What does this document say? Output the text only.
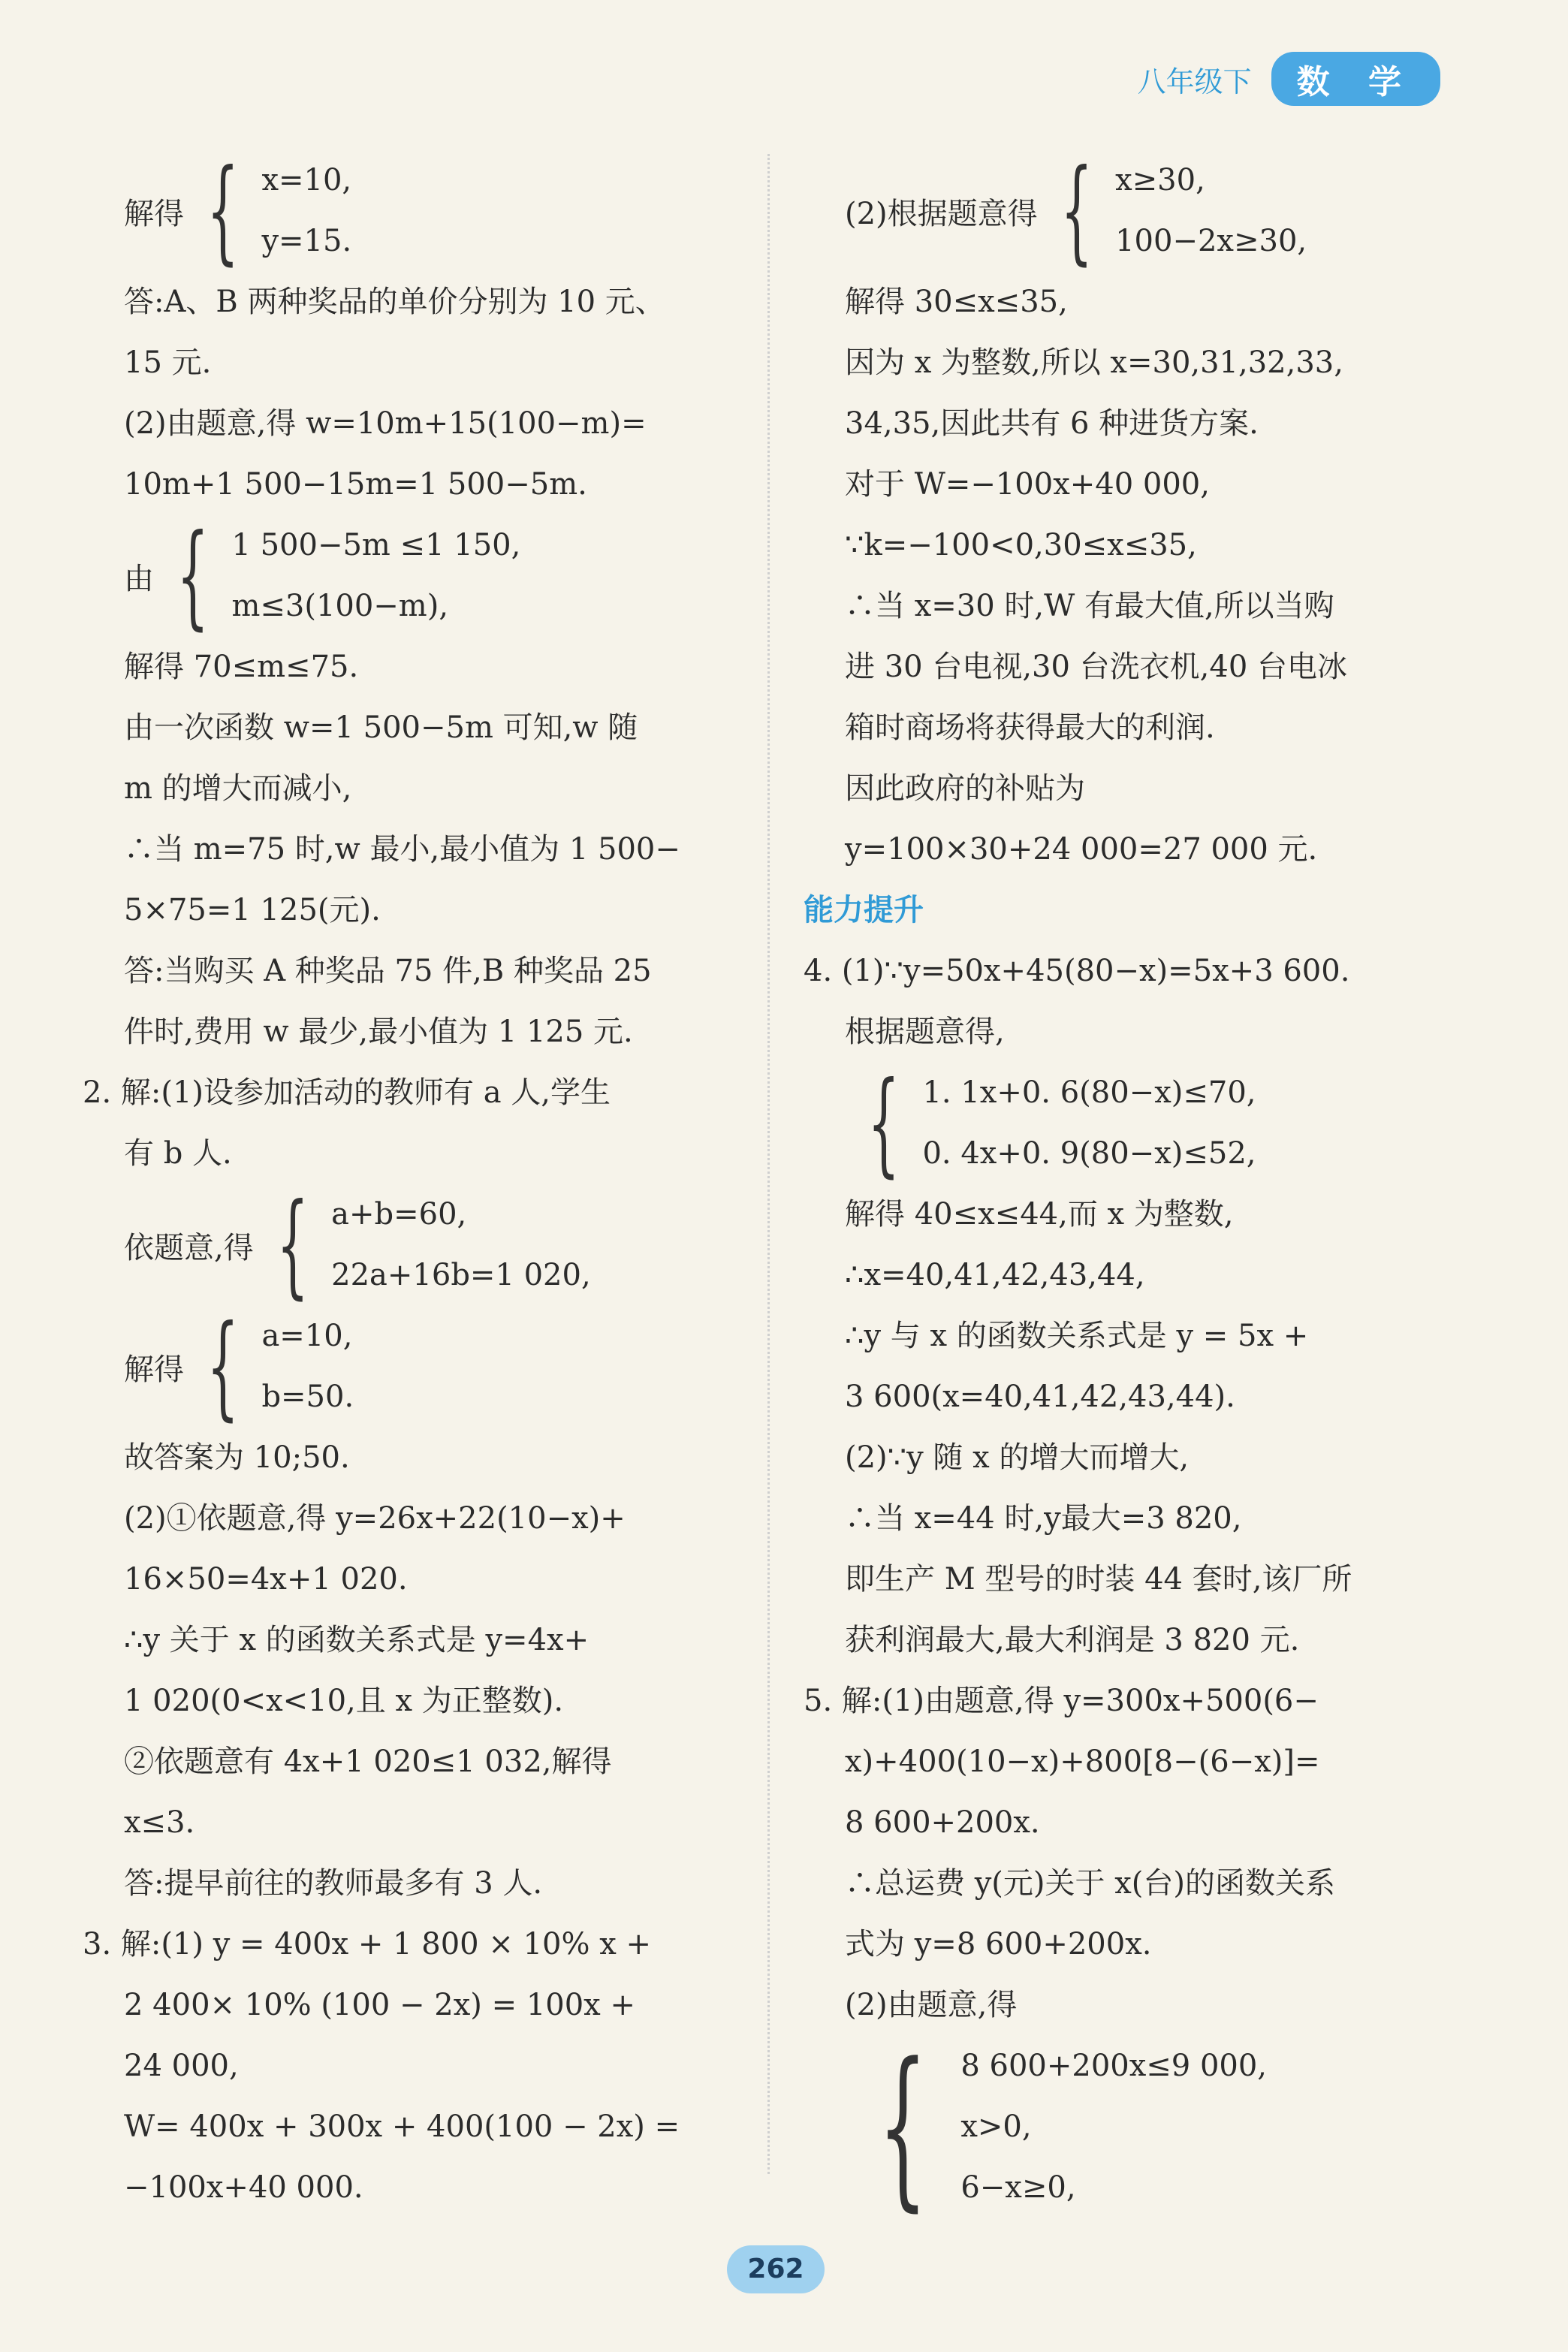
八年级下	数 学
解得 { x=10,
y=15.
答:A、B 两种奖品的单价分别为 10 元、
15 元.
(2)由题意,得 w=10m+15(100−m)=
10m+1 500−15m=1 500−5m.
由 { 1 500−5m ≤1 150,
m≤3(100−m),
解得 70≤m≤75.
由一次函数 w=1 500−5m 可知,w 随
m 的增大而减小,
∴当 m=75 时,w 最小,最小值为 1 500−
5×75=1 125(元).
答:当购买 A 种奖品 75 件,B 种奖品 25
件时,费用 w 最少,最小值为 1 125 元.
2. 解:(1)设参加活动的教师有 a 人,学生
有 b 人.
依题意,得 { a+b=60,
22a+16b=1 020,
解得 { a=10,
b=50.
故答案为 10;50.
(2)①依题意,得 y=26x+22(10−x)+
16×50=4x+1 020.
∴y 关于 x 的函数关系式是 y=4x+
1 020(0<x<10,且 x 为正整数).
②依题意有 4x+1 020≤1 032,解得
x≤3.
答:提早前往的教师最多有 3 人.
3. 解:(1) y = 400x + 1 800 × 10% x +
2 400× 10% (100 − 2x) = 100x +
24 000,
W= 400x + 300x + 400(100 − 2x) =
−100x+40 000.
(2)根据题意得 { x≥30,
100−2x≥30,
解得 30≤x≤35,
因为 x 为整数,所以 x=30,31,32,33,
34,35,因此共有 6 种进货方案.
对于 W=−100x+40 000,
∵k=−100<0,30≤x≤35,
∴当 x=30 时,W 有最大值,所以当购
进 30 台电视,30 台洗衣机,40 台电冰
箱时商场将获得最大的利润.
因此政府的补贴为
y=100×30+24 000=27 000 元.
能力提升
4. (1)∵y=50x+45(80−x)=5x+3 600.
根据题意得,
{ 1. 1x+0. 6(80−x)≤70,
0. 4x+0. 9(80−x)≤52,
解得 40≤x≤44,而 x 为整数,
∴x=40,41,42,43,44,
∴y 与 x 的函数关系式是 y = 5x +
3 600(x=40,41,42,43,44).
(2)∵y 随 x 的增大而增大,
∴当 x=44 时,y最大=3 820,
即生产 M 型号的时装 44 套时,该厂所
获利润最大,最大利润是 3 820 元.
5. 解:(1)由题意,得 y=300x+500(6−
x)+400(10−x)+800[8−(6−x)]=
8 600+200x.
∴总运费 y(元)关于 x(台)的函数关系
式为 y=8 600+200x.
(2)由题意,得
{ 8 600+200x≤9 000,
x>0,
6−x≥0,
262
